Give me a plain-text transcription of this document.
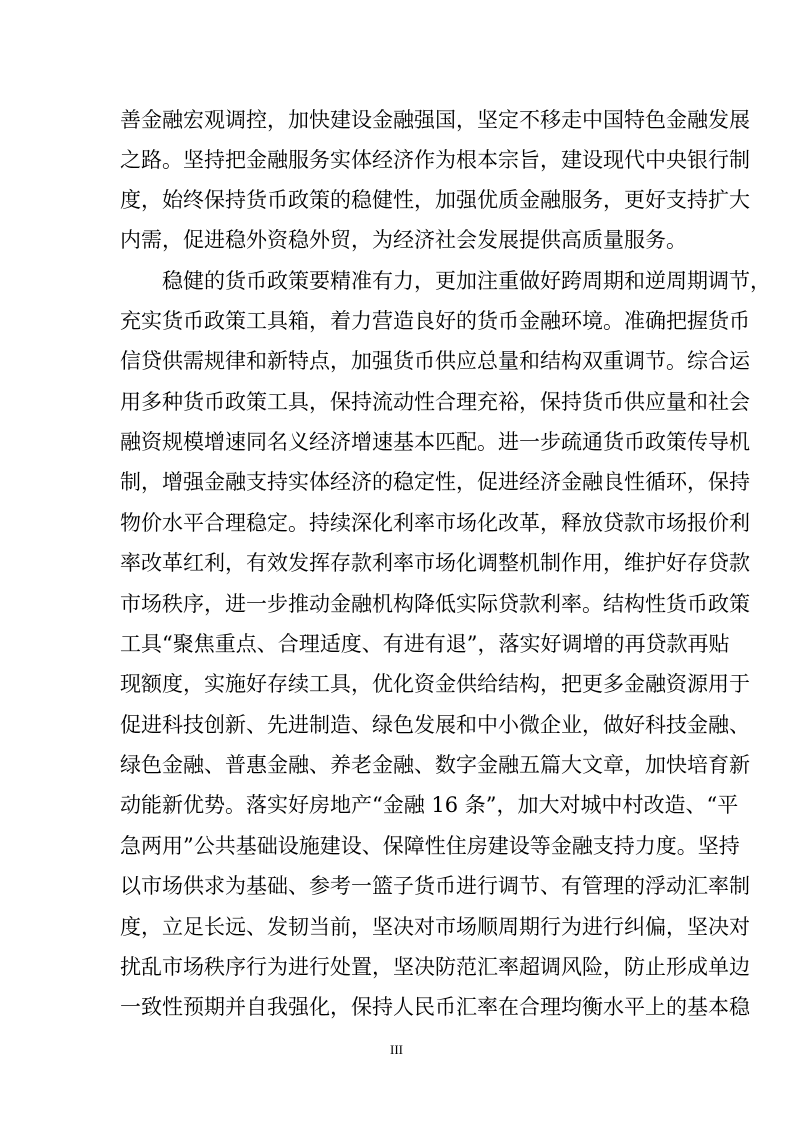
善金融宏观调控，加快建设金融强国，坚定不移走中国特色金融发展
之路。坚持把金融服务实体经济作为根本宗旨，建设现代中央银行制
度，始终保持货币政策的稳健性，加强优质金融服务，更好支持扩大
内需，促进稳外资稳外贸，为经济社会发展提供高质量服务。
稳健的货币政策要精准有力，更加注重做好跨周期和逆周期调节，
充实货币政策工具箱，着力营造良好的货币金融环境。准确把握货币
信贷供需规律和新特点，加强货币供应总量和结构双重调节。综合运
用多种货币政策工具，保持流动性合理充裕，保持货币供应量和社会
融资规模增速同名义经济增速基本匹配。进一步疏通货币政策传导机
制，增强金融支持实体经济的稳定性，促进经济金融良性循环，保持
物价水平合理稳定。持续深化利率市场化改革，释放贷款市场报价利
率改革红利，有效发挥存款利率市场化调整机制作用，维护好存贷款
市场秩序，进一步推动金融机构降低实际贷款利率。结构性货币政策
工具“聚焦重点、合理适度、有进有退”，落实好调增的再贷款再贴
现额度，实施好存续工具，优化资金供给结构，把更多金融资源用于
促进科技创新、先进制造、绿色发展和中小微企业，做好科技金融、
绿色金融、普惠金融、养老金融、数字金融五篇大文章，加快培育新
动能新优势。落实好房地产“金融 16 条”，加大对城中村改造、“平
急两用”公共基础设施建设、保障性住房建设等金融支持力度。坚持
以市场供求为基础、参考一篮子货币进行调节、有管理的浮动汇率制
度，立足长远、发韧当前，坚决对市场顺周期行为进行纠偏，坚决对
扰乱市场秩序行为进行处置，坚决防范汇率超调风险，防止形成单边
一致性预期并自我强化，保持人民币汇率在合理均衡水平上的基本稳
III
